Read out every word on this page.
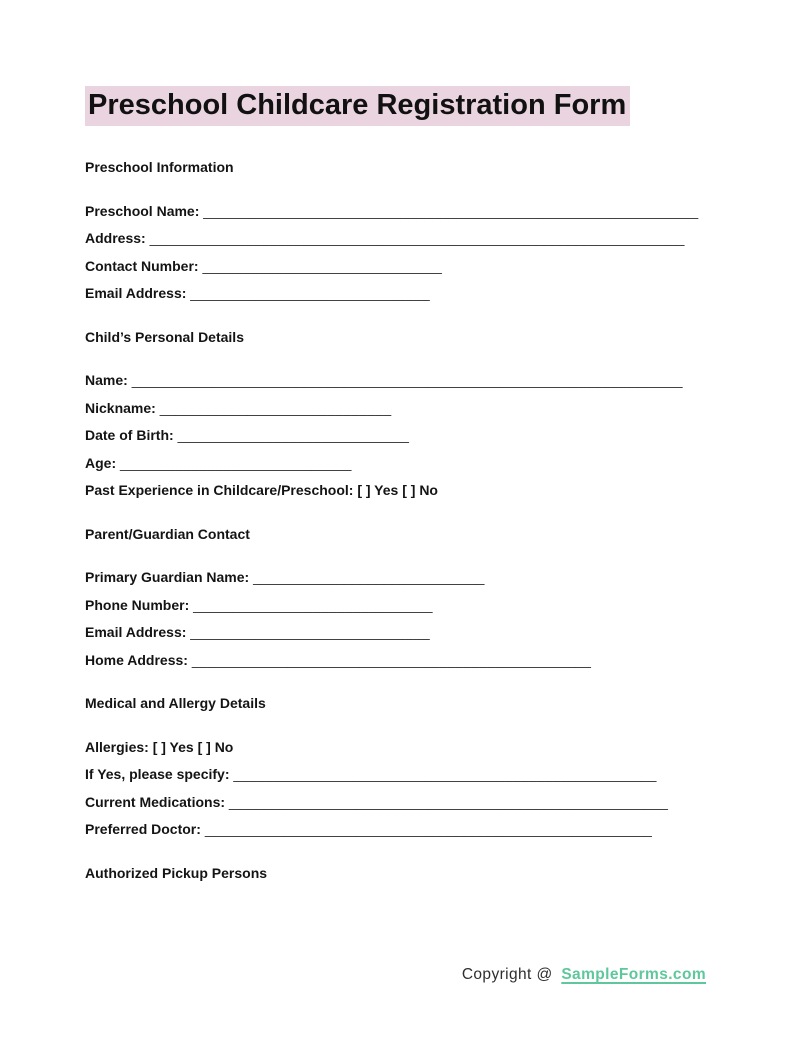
Preschool Childcare Registration Form
Preschool Information

Preschool Name: ______________________________________________________________

Address: ___________________________________________________________________

Contact Number: ______________________________

Email Address: ______________________________

Child’s Personal Details

Name: _____________________________________________________________________

Nickname: _____________________________

Date of Birth: _____________________________

Age: _____________________________

Past Experience in Childcare/Preschool: [ ] Yes [ ] No

Parent/Guardian Contact

Primary Guardian Name: _____________________________

Phone Number: ______________________________

Email Address: ______________________________

Home Address: __________________________________________________

Medical and Allergy Details

Allergies: [ ] Yes [ ] No

If Yes, please specify: _____________________________________________________

Current Medications: _______________________________________________________

Preferred Doctor: ________________________________________________________

Authorized Pickup Persons
Copyright @ SampleForms.com
